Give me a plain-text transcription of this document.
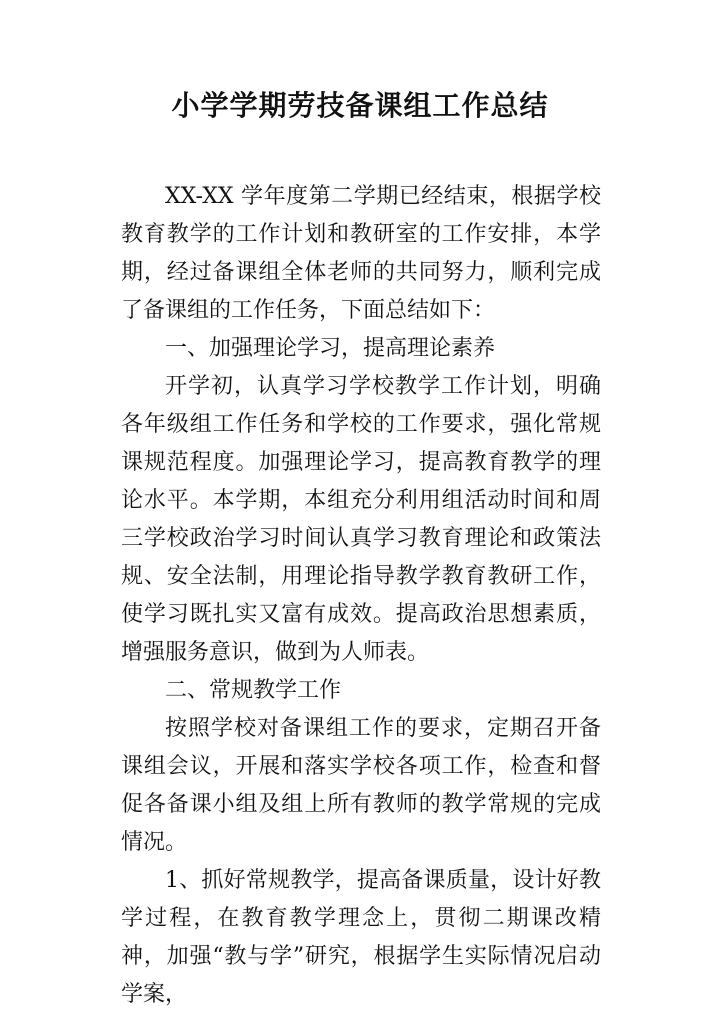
小学学期劳技备课组工作总结

XX-XX 学年度第二学期已经结束，根据学校教育教学的工作计划和教研室的工作安排，本学期，经过备课组全体老师的共同努力，顺利完成了备课组的工作任务，下面总结如下：

一、加强理论学习，提高理论素养

开学初，认真学习学校教学工作计划，明确各年级组工作任务和学校的工作要求，强化常规课规范程度。加强理论学习，提高教育教学的理论水平。本学期，本组充分利用组活动时间和周三学校政治学习时间认真学习教育理论和政策法规、安全法制，用理论指导教学教育教研工作，使学习既扎实又富有成效。提高政治思想素质，增强服务意识，做到为人师表。

二、常规教学工作

按照学校对备课组工作的要求，定期召开备课组会议，开展和落实学校各项工作，检查和督促各备课小组及组上所有教师的教学常规的完成情况。

1、抓好常规教学，提高备课质量，设计好教学过程，在教育教学理念上，贯彻二期课改精神，加强“教与学”研究，根据学生实际情况启动学案，
